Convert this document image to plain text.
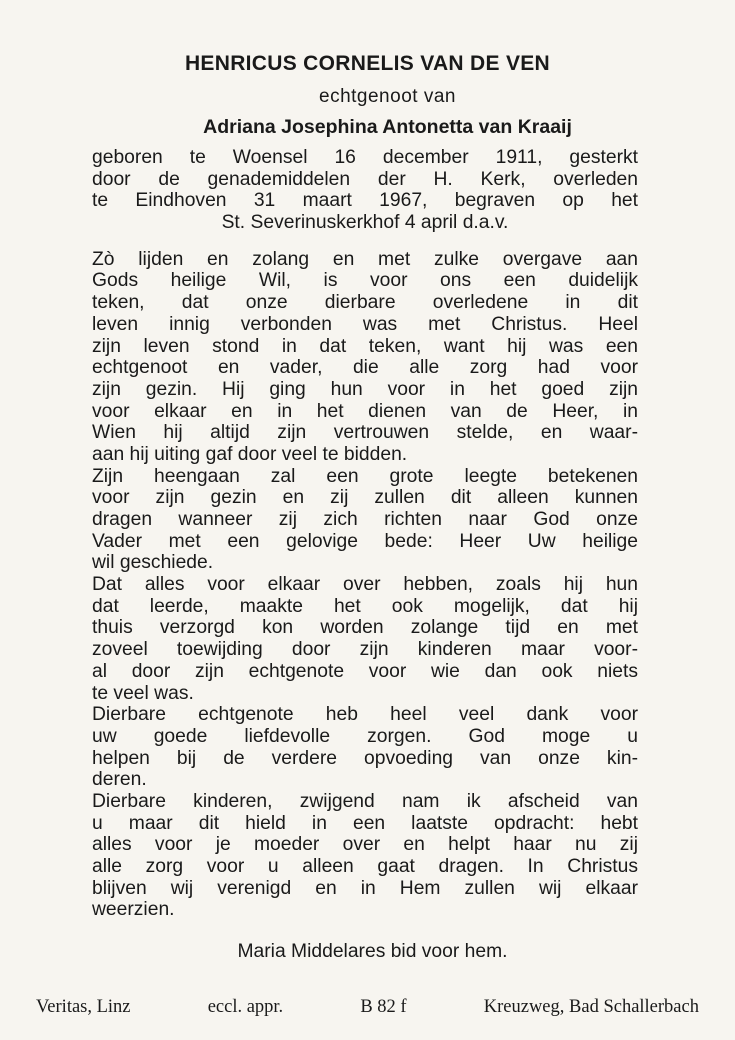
HENRICUS CORNELIS VAN DE VEN
echtgenoot van
Adriana Josephina Antonetta van Kraaij
geboren te Woensel 16 december 1911, gesterkt
door de genademiddelen der H. Kerk, overleden
te Eindhoven 31 maart 1967, begraven op het
St. Severinuskerkhof 4 april d.a.v.
Zò lijden en zolang en met zulke overgave aan
Gods heilige Wil, is voor ons een duidelijk
teken, dat onze dierbare overledene in dit
leven innig verbonden was met Christus. Heel
zijn leven stond in dat teken, want hij was een
echtgenoot en vader, die alle zorg had voor
zijn gezin. Hij ging hun voor in het goed zijn
voor elkaar en in het dienen van de Heer, in
Wien hij altijd zijn vertrouwen stelde, en waar-
aan hij uiting gaf door veel te bidden.
Zijn heengaan zal een grote leegte betekenen
voor zijn gezin en zij zullen dit alleen kunnen
dragen wanneer zij zich richten naar God onze
Vader met een gelovige bede: Heer Uw heilige
wil geschiede.
Dat alles voor elkaar over hebben, zoals hij hun
dat leerde, maakte het ook mogelijk, dat hij
thuis verzorgd kon worden zolange tijd en met
zoveel toewijding door zijn kinderen maar voor-
al door zijn echtgenote voor wie dan ook niets
te veel was.
Dierbare echtgenote heb heel veel dank voor
uw goede liefdevolle zorgen. God moge u
helpen bij de verdere opvoeding van onze kin-
deren.
Dierbare kinderen, zwijgend nam ik afscheid van
u maar dit hield in een laatste opdracht: hebt
alles voor je moeder over en helpt haar nu zij
alle zorg voor u alleen gaat dragen. In Christus
blijven wij verenigd en in Hem zullen wij elkaar
weerzien.
Maria Middelares bid voor hem.
Veritas, Linz	eccl. appr.	B 82 f	Kreuzweg, Bad Schallerbach
